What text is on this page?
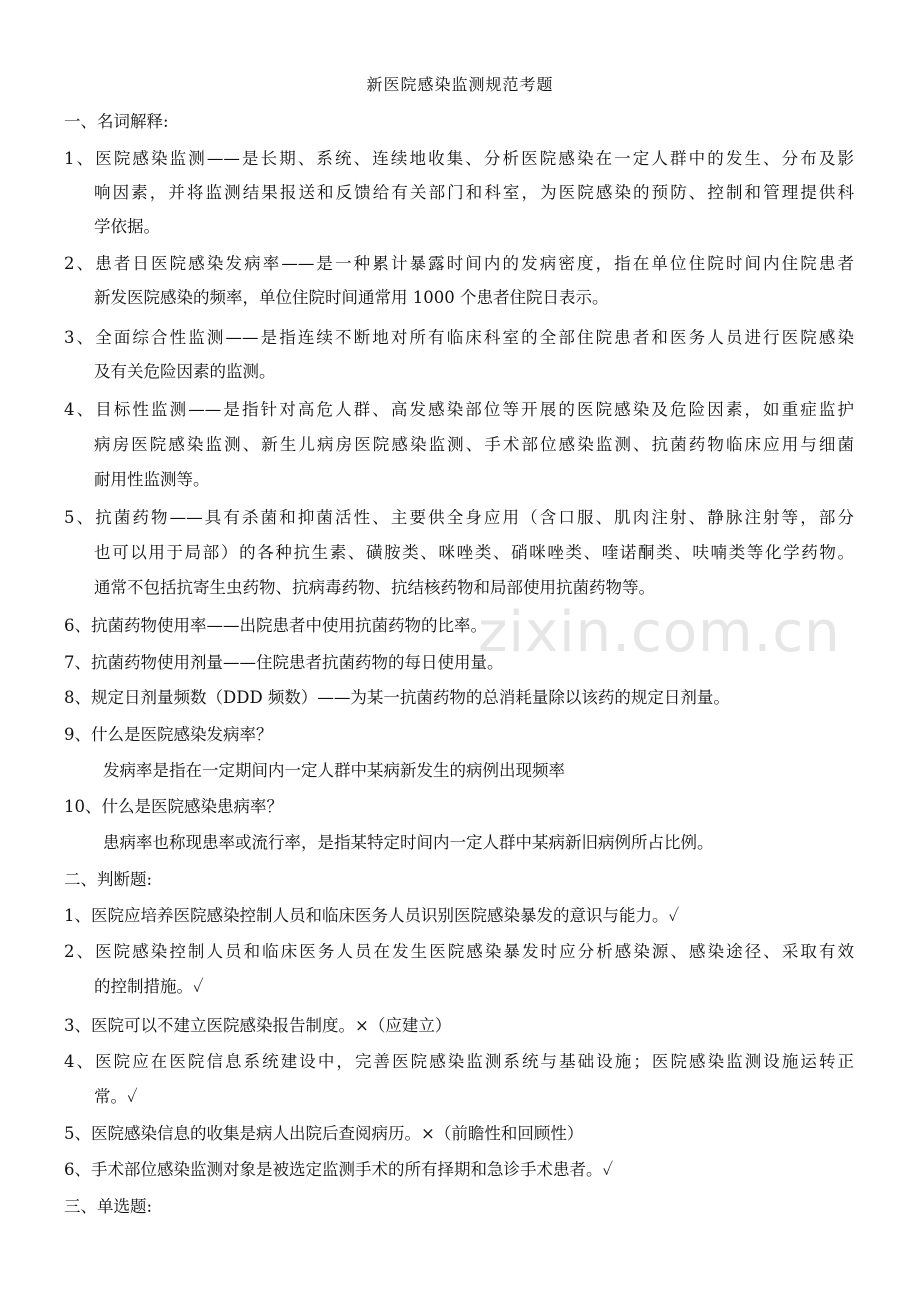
zixin.com.cn
新医院感染监测规范考题
一、名词解释:
1、医院感染监测——是长期、系统、连续地收集、分析医院感染在一定人群中的发生、分布及影
响因素，并将监测结果报送和反馈给有关部门和科室，为医院感染的预防、控制和管理提供科
学依据。
2、患者日医院感染发病率——是一种累计暴露时间内的发病密度，指在单位住院时间内住院患者
新发医院感染的频率，单位住院时间通常用 1000 个患者住院日表示。
3、全面综合性监测——是指连续不断地对所有临床科室的全部住院患者和医务人员进行医院感染
及有关危险因素的监测。
4、目标性监测——是指针对高危人群、高发感染部位等开展的医院感染及危险因素，如重症监护
病房医院感染监测、新生儿病房医院感染监测、手术部位感染监测、抗菌药物临床应用与细菌
耐用性监测等。
5、抗菌药物——具有杀菌和抑菌活性、主要供全身应用（含口服、肌肉注射、静脉注射等，部分
也可以用于局部）的各种抗生素、磺胺类、咪唑类、硝咪唑类、喹诺酮类、呋喃类等化学药物。
通常不包括抗寄生虫药物、抗病毒药物、抗结核药物和局部使用抗菌药物等。
6、抗菌药物使用率——出院患者中使用抗菌药物的比率。
7、抗菌药物使用剂量——住院患者抗菌药物的每日使用量。
8、规定日剂量频数（DDD 频数）——为某一抗菌药物的总消耗量除以该药的规定日剂量。
9、什么是医院感染发病率？
发病率是指在一定期间内一定人群中某病新发生的病例出现频率
10、什么是医院感染患病率？
患病率也称现患率或流行率，是指某特定时间内一定人群中某病新旧病例所占比例。
二、判断题:
1、医院应培养医院感染控制人员和临床医务人员识别医院感染暴发的意识与能力。✓
2、医院感染控制人员和临床医务人员在发生医院感染暴发时应分析感染源、感染途径、采取有效
的控制措施。✓
3、医院可以不建立医院感染报告制度。×（应建立）
4、医院应在医院信息系统建设中，完善医院感染监测系统与基础设施；医院感染监测设施运转正
常。✓
5、医院感染信息的收集是病人出院后查阅病历。×（前瞻性和回顾性）
6、手术部位感染监测对象是被选定监测手术的所有择期和急诊手术患者。✓
三、单选题:
